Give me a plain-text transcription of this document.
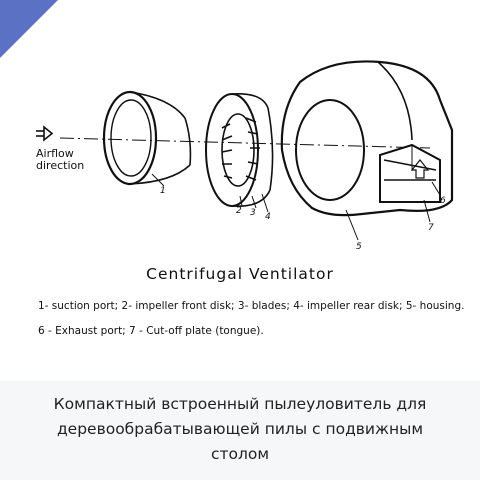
1
2 3 4
5
6
7
Airflow
direction
Centrifugal Ventilator
1- suction port; 2- impeller front disk; 3- blades; 4- impeller rear disk; 5- housing.
6 - Exhaust port; 7 - Cut-off plate (tongue).
Компактный встроенный пылеуловитель для деревообрабатывающей пилы с подвижным столом
